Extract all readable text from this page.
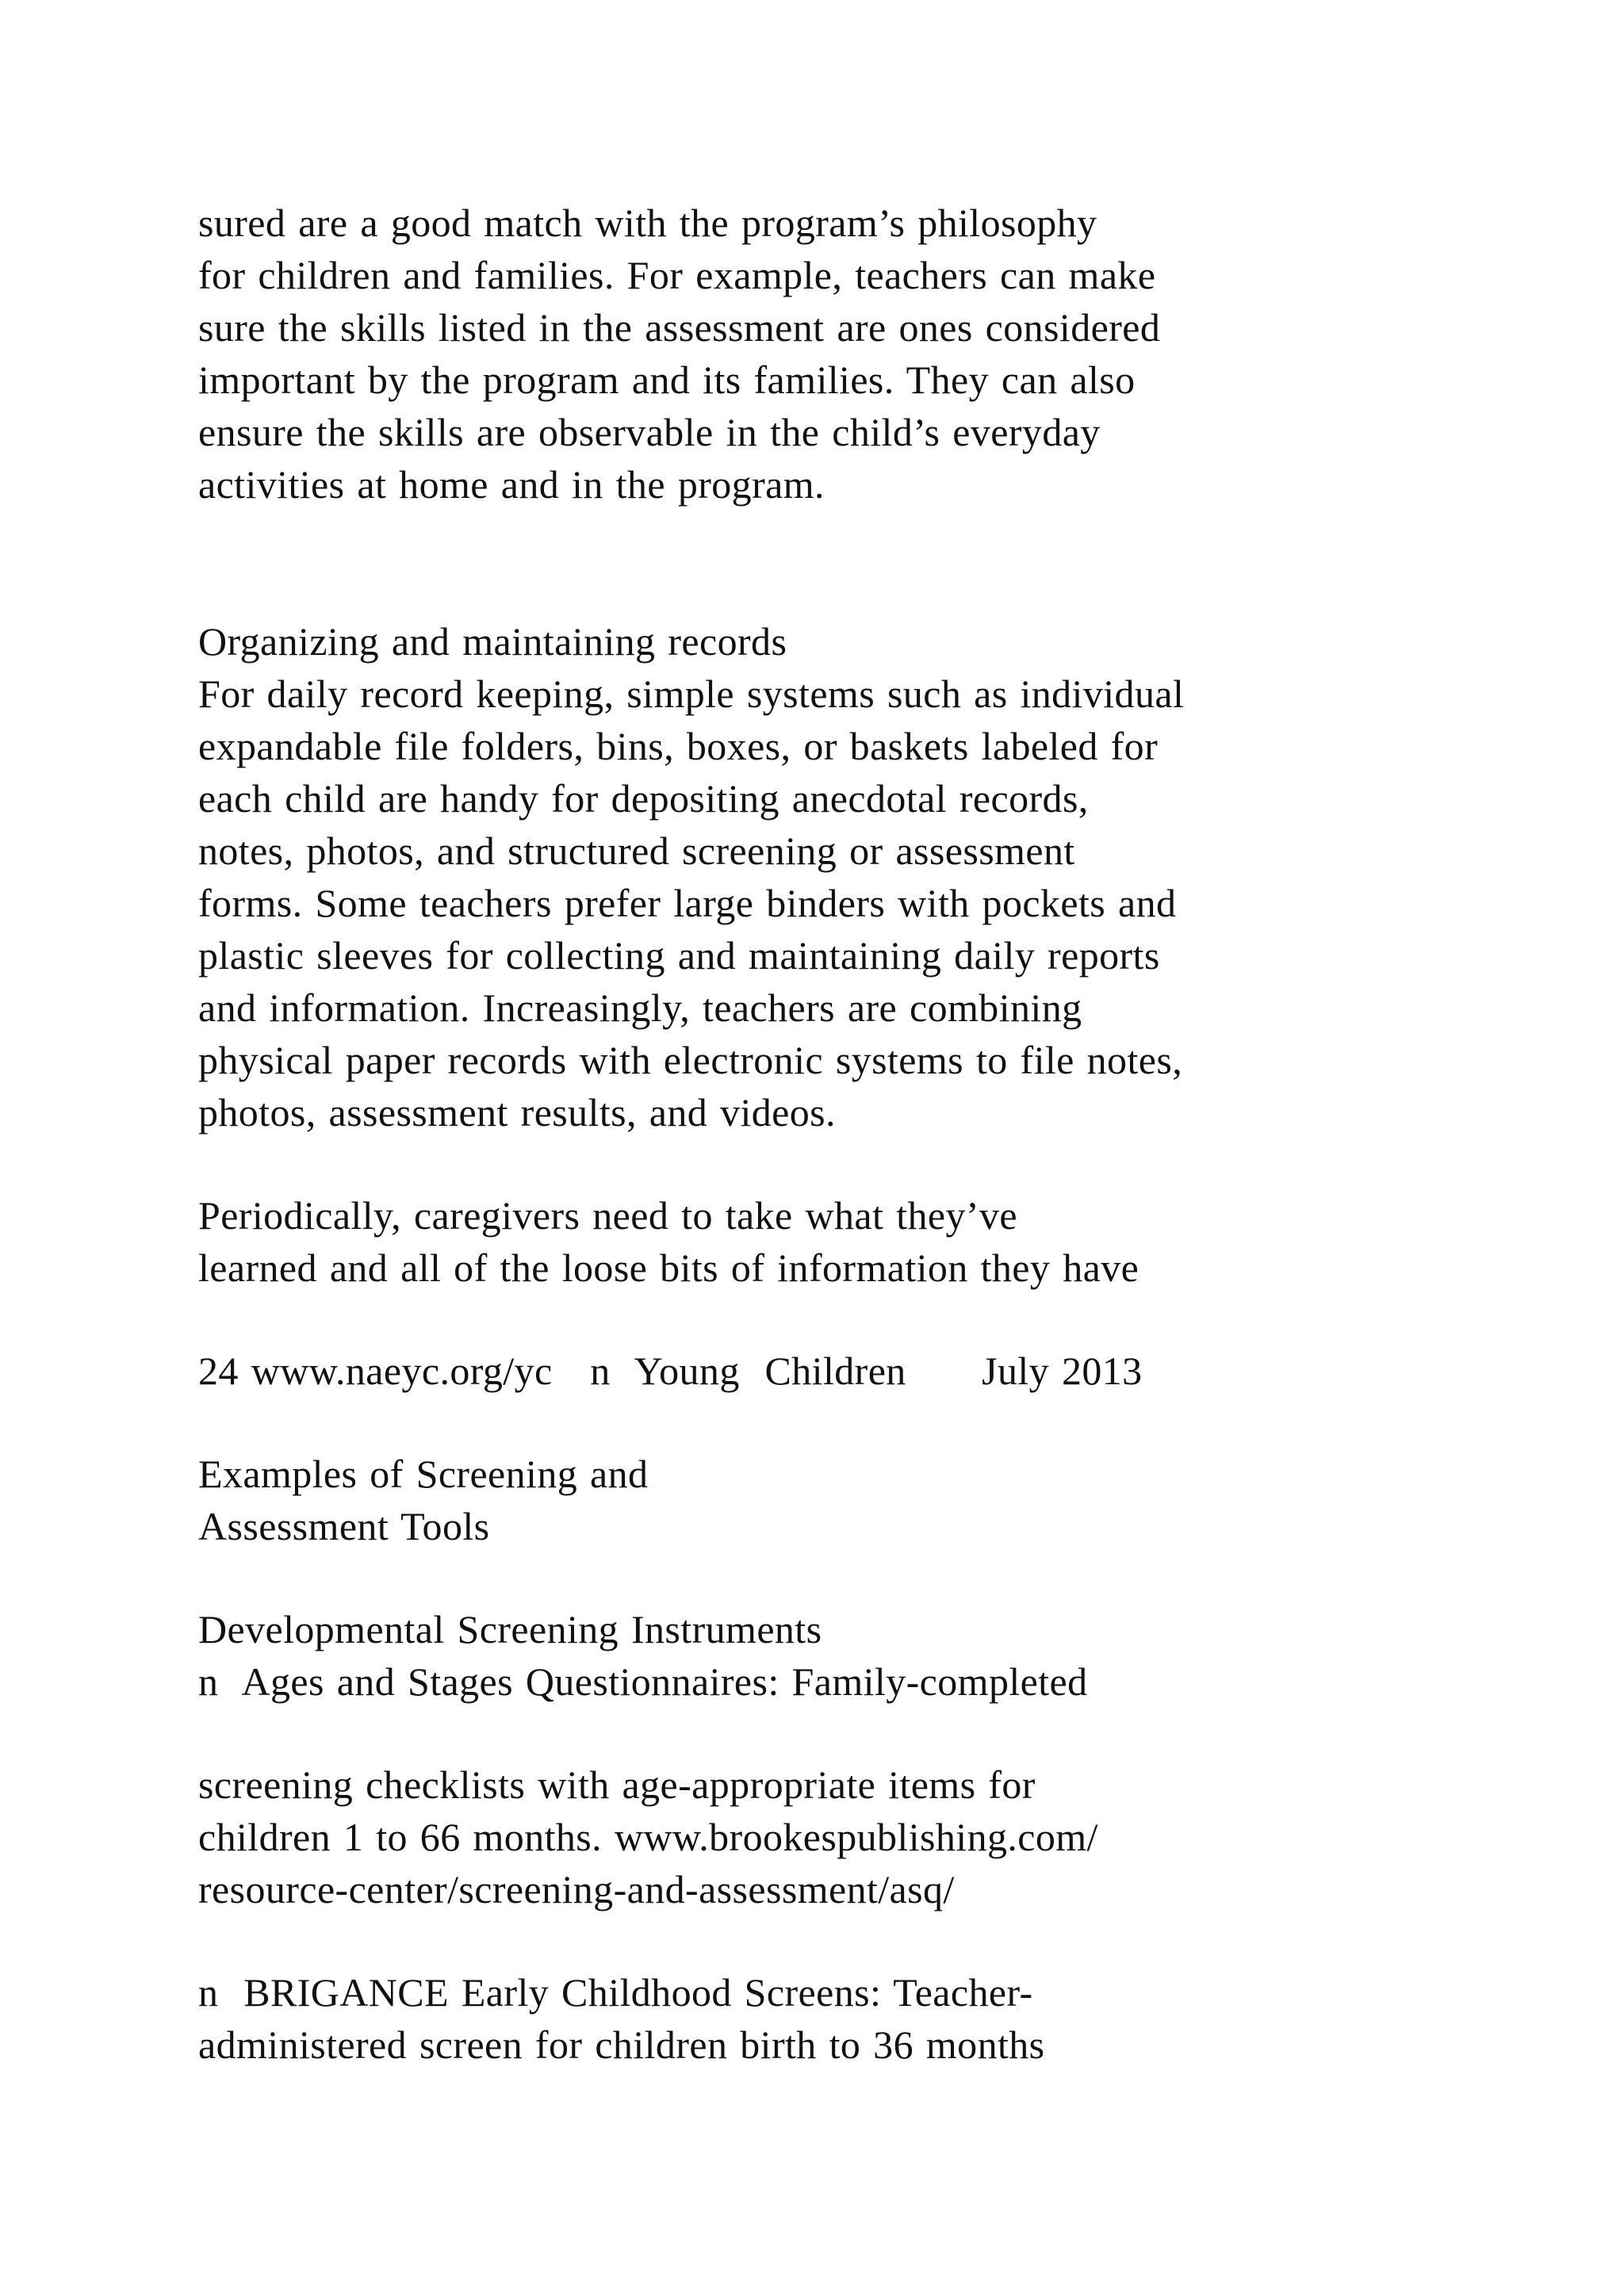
sured are a good match with the program’s philosophy
for children and families. For example, teachers can make
sure the skills listed in the assessment are ones considered
important by the program and its families. They can also
ensure the skills are observable in the child’s everyday
activities at home and in the program.
Organizing and maintaining records
For daily record keeping, simple systems such as individual
expandable file folders, bins, boxes, or baskets labeled for
each child are handy for depositing anecdotal records,
notes, photos, and structured screening or assessment
forms. Some teachers prefer large binders with pockets and
plastic sleeves for collecting and maintaining daily reports
and information. Increasingly, teachers are combining
physical paper records with electronic systems to file notes,
photos, assessment results, and videos.
Periodically, caregivers need to take what they’ve
learned and all of the loose bits of information they have
24 www.naeyc.org/yc   n  Young  Children      July 2013
Examples of Screening and
Assessment Tools
Developmental Screening Instruments
n  Ages and Stages Questionnaires: Family-completed
screening checklists with age-appropriate items for
children 1 to 66 months. www.brookespublishing.com/
resource-center/screening-and-assessment/asq/
n  BRIGANCE Early Childhood Screens: Teacher-
administered screen for children birth to 36 months
